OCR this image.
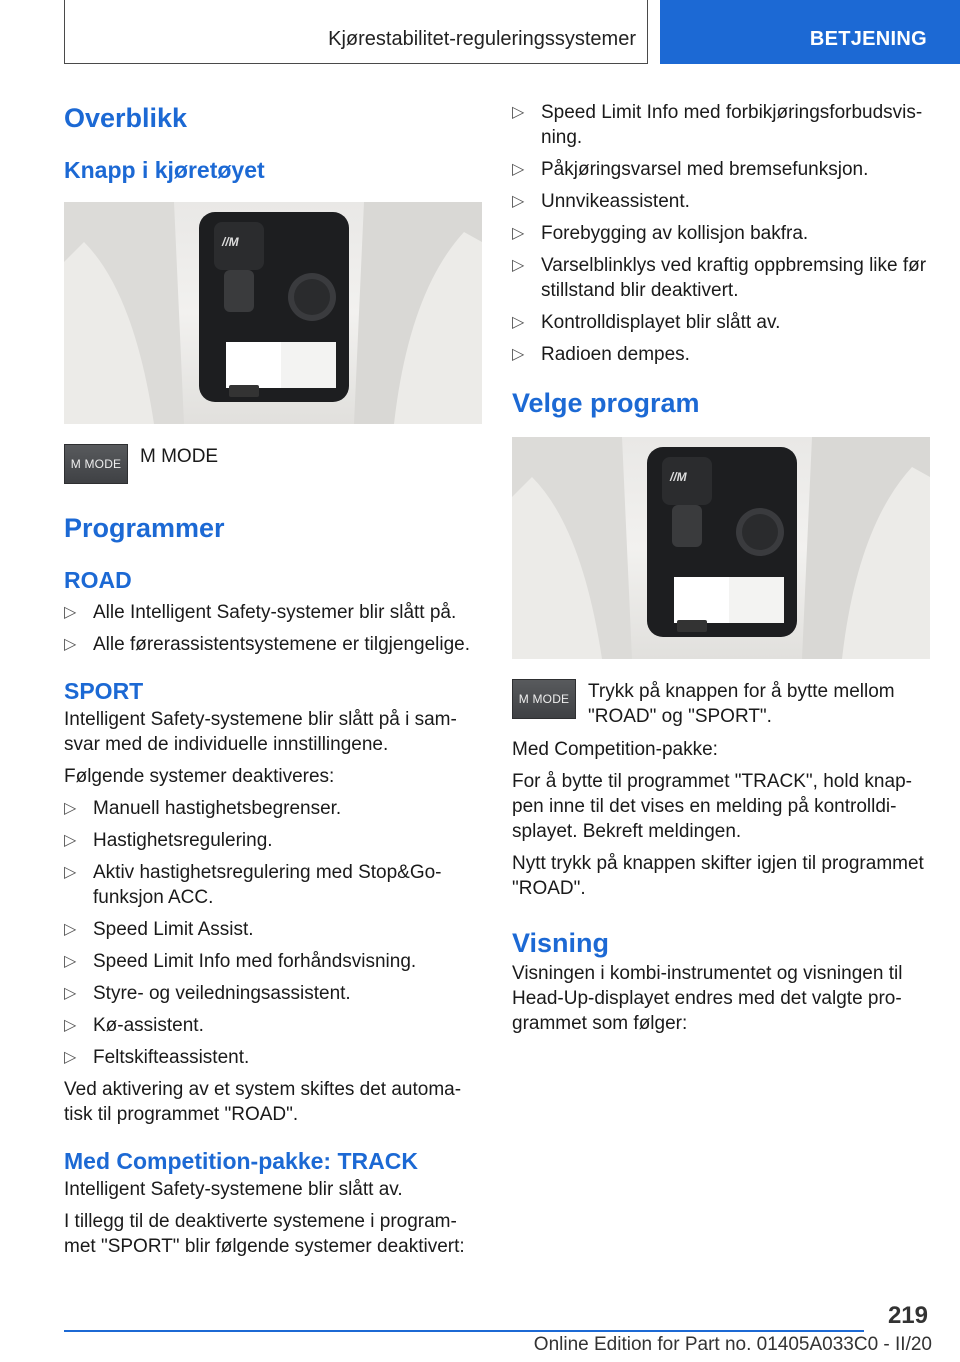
Kjørestabilitet-reguleringssystemer	BETJENING
Overblikk
Knapp i kjøretøyet
//M
M MODE M MODE
Programmer
ROAD
▷ Alle Intelligent Safety-systemer blir slått på.
▷ Alle førerassistentsystemene er tilgjengelige.
SPORT

Intelligent Safety-systemene blir slått på i sam-svar med de individuelle innstillingene.

Følgende systemer deaktiveres:

▷ Manuell hastighetsbegrenser.
▷ Hastighetsregulering.
▷ Aktiv hastighetsregulering med Stop&Go-funksjon ACC.
▷ Speed Limit Assist.
▷ Speed Limit Info med forhåndsvisning.
▷ Styre- og veiledningsassistent.
▷ Kø-assistent.
▷ Feltskifteassistent.

Ved aktivering av et system skiftes det automa-tisk til programmet "ROAD".

Med Competition-pakke: TRACK

Intelligent Safety-systemene blir slått av.

I tillegg til de deaktiverte systemene i program-met "SPORT" blir følgende systemer deaktivert:

▷ Speed Limit Info med forbikjøringsforbudsvis-ning.
▷ Påkjøringsvarsel med bremsefunksjon.
▷ Unnvikeassistent.
▷ Forebygging av kollisjon bakfra.
▷ Varselblinklys ved kraftig oppbremsing like før stillstand blir deaktivert.
▷ Kontrolldisplayet blir slått av.
▷ Radioen dempes.
Velge program
//M
M MODE Trykk på knappen for å bytte mellom "ROAD" og "SPORT".

Med Competition-pakke:

For å bytte til programmet "TRACK", hold knap-pen inne til det vises en melding på kontrolldi-splayet. Bekreft meldingen.

Nytt trykk på knappen skifter igjen til programmet "ROAD".

Visning

Visningen i kombi-instrumentet og visningen til Head-Up-displayet endres med det valgte pro-grammet som følger:

219
Online Edition for Part no. 01405A033C0 - II/20
